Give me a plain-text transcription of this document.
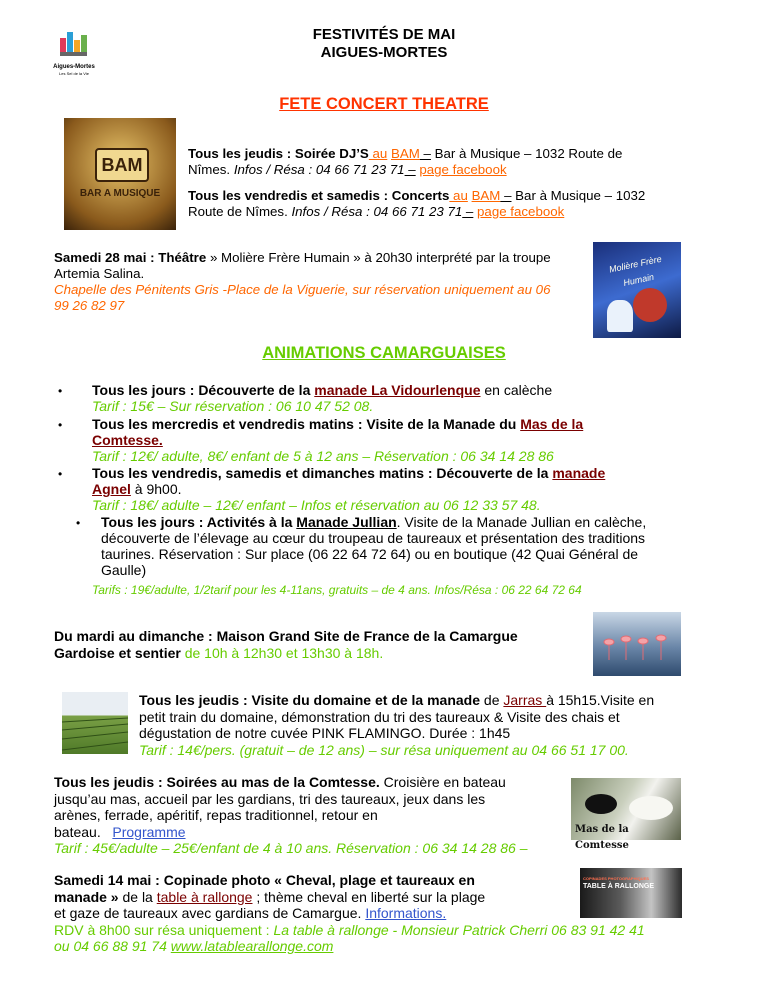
Aigues-Mortes
Les Sel de la Vie
FESTIVITÉS DE MAI
AIGUES-MORTES
FETE CONCERT THEATRE
BAM
BAR A MUSIQUE

Tous les jeudis : Soirée DJ’S au BAM – Bar à Musique – 1032 Route de

Nîmes. Infos / Résa : 04 66 71 23 71 – page facebook

Tous les vendredis et samedis : Concerts au BAM – Bar à Musique – 1032

Route de Nîmes. Infos / Résa : 04 66 71 23 71 – page facebook

Samedi 28 mai : Théâtre » Molière Frère Humain » à 20h30 interprété par la troupe

Artemia Salina.

Chapelle des Pénitents Gris -Place de la Viguerie, sur réservation uniquement au 06

99 26 82 97

Molière Frère Humain
ANIMATIONS CAMARGUAISES
• Tous les jours : Découverte de la manade La Vidourlenque en calèche

Tarif : 15€ – Sur réservation : 06 10 47 52 08.

• Tous les mercredis et vendredis matins : Visite de la Manade du Mas de la

Comtesse.

Tarif : 12€/ adulte, 8€/ enfant de 5 à 12 ans – Réservation : 06 34 14 28 86

• Tous les vendredis, samedis et dimanches matins : Découverte de la manade

Agnel à 9h00.

Tarif : 18€/ adulte – 12€/ enfant – Infos et réservation au 06 12 33 57 48.

• Tous les jours : Activités à la Manade Jullian. Visite de la Manade Jullian en calèche,

découverte de l’élevage au cœur du troupeau de taureaux et présentation des traditions

taurines. Réservation : Sur place (06 22 64 72 64) ou en boutique (42 Quai Général de

Gaulle)

Tarifs : 19€/adulte, 1/2tarif pour les 4-11ans, gratuits – de 4 ans. Infos/Résa : 06 22 64 72 64

Du mardi au dimanche : Maison Grand Site de France de la Camargue

Gardoise et sentier de 10h à 12h30 et 13h30 à 18h.

Tous les jeudis : Visite du domaine et de la manade de Jarras à 15h15.Visite en

petit train du domaine, démonstration du tri des taureaux & Visite des chais et

dégustation de notre cuvée PINK FLAMINGO. Durée : 1h45

Tarif : 14€/pers. (gratuit – de 12 ans) – sur résa uniquement au 04 66 51 17 00.

Tous les jeudis : Soirées au mas de la Comtesse. Croisière en bateau

jusqu’au mas, accueil par les gardians, tri des taureaux, jeux dans les

arènes, ferrade, apéritif, repas traditionnel, retour en

bateau. Programme

Tarif : 45€/adulte – 25€/enfant de 4 à 10 ans. Réservation : 06 34 14 28 86 –
Mas de la Comtesse

Samedi 14 mai : Copinade photo « Cheval, plage et taureaux en

manade » de la table à rallonge ; thème cheval en liberté sur la plage

et gaze de taureaux avec gardians de Camargue. Informations.

RDV à 8h00 sur résa uniquement : La table à rallonge - Monsieur Patrick Cherri 06 83 91 42 41

ou 04 66 88 91 74 www.latablearallonge.com

COPINADES PHOTOGRAPHIQUES
TABLE À RALLONGE
